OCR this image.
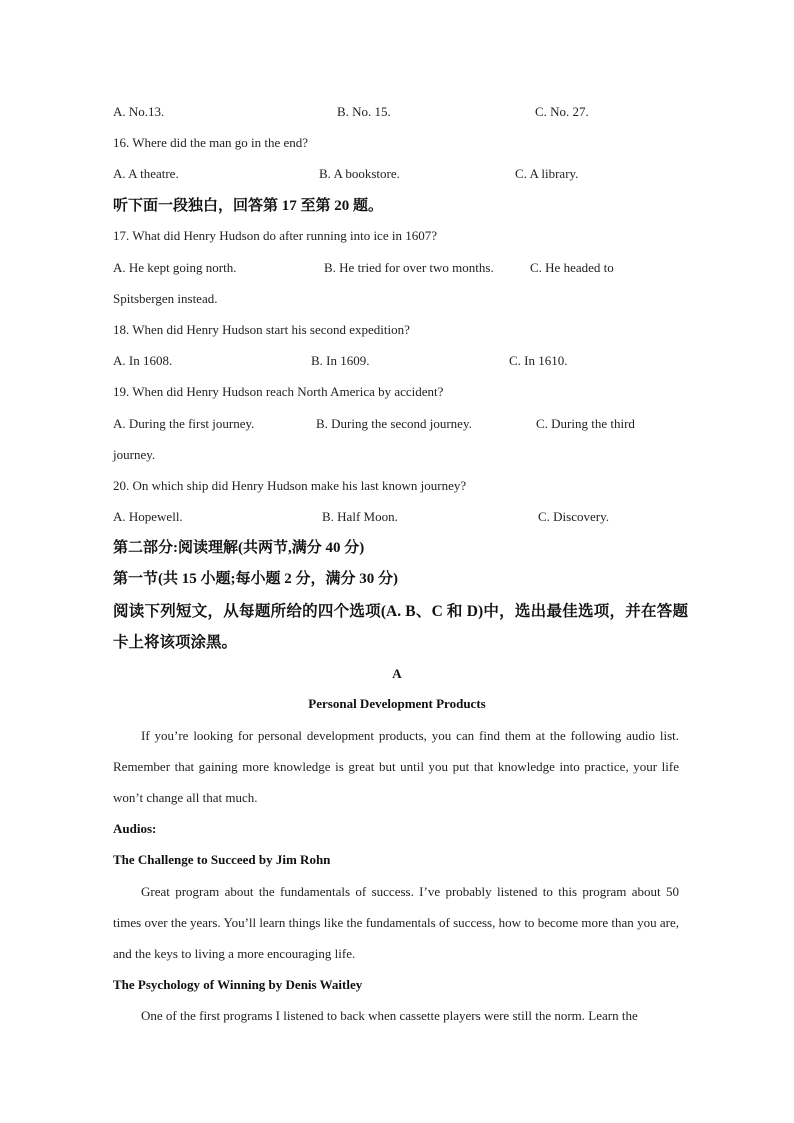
A. No.13.	B. No. 15.	C. No. 27.
16. Where did the man go in the end?
A. A theatre.	B. A bookstore.	C. A library.
听下面一段独白，回答第 17 至第 20 题。
17. What did Henry Hudson do after running into ice in 1607?
A. He kept going north.	B. He tried for over two months.	C. He headed to
Spitsbergen instead.
18. When did Henry Hudson start his second expedition?
A. In 1608.	B. In 1609.	C. In 1610.
19. When did Henry Hudson reach North America by accident?
A. During the first journey.	B. During the second journey.	C. During the third
journey.
20. On which ship did Henry Hudson make his last known journey?
A. Hopewell.	B. Half Moon.	C. Discovery.
第二部分:阅读理解(共两节,满分 40 分)
第一节(共 15 小题;每小题 2 分，满分 30 分)
阅读下列短文，从每题所给的四个选项(A. B、C 和 D)中，选出最佳选项，并在答题卡上将该项涂黑。
A
Personal Development Products
If you’re looking for personal development products, you can find them at the following audio list. Remember that gaining more knowledge is great but until you put that knowledge into practice, your life won’t change all that much.
Audios:
The Challenge to Succeed by Jim Rohn
Great program about the fundamentals of success. I’ve probably listened to this program about 50 times over the years. You’ll learn things like the fundamentals of success, how to become more than you are, and the keys to living a more encouraging life.
The Psychology of Winning by Denis Waitley
One of the first programs I listened to back when cassette players were still the norm. Learn the
